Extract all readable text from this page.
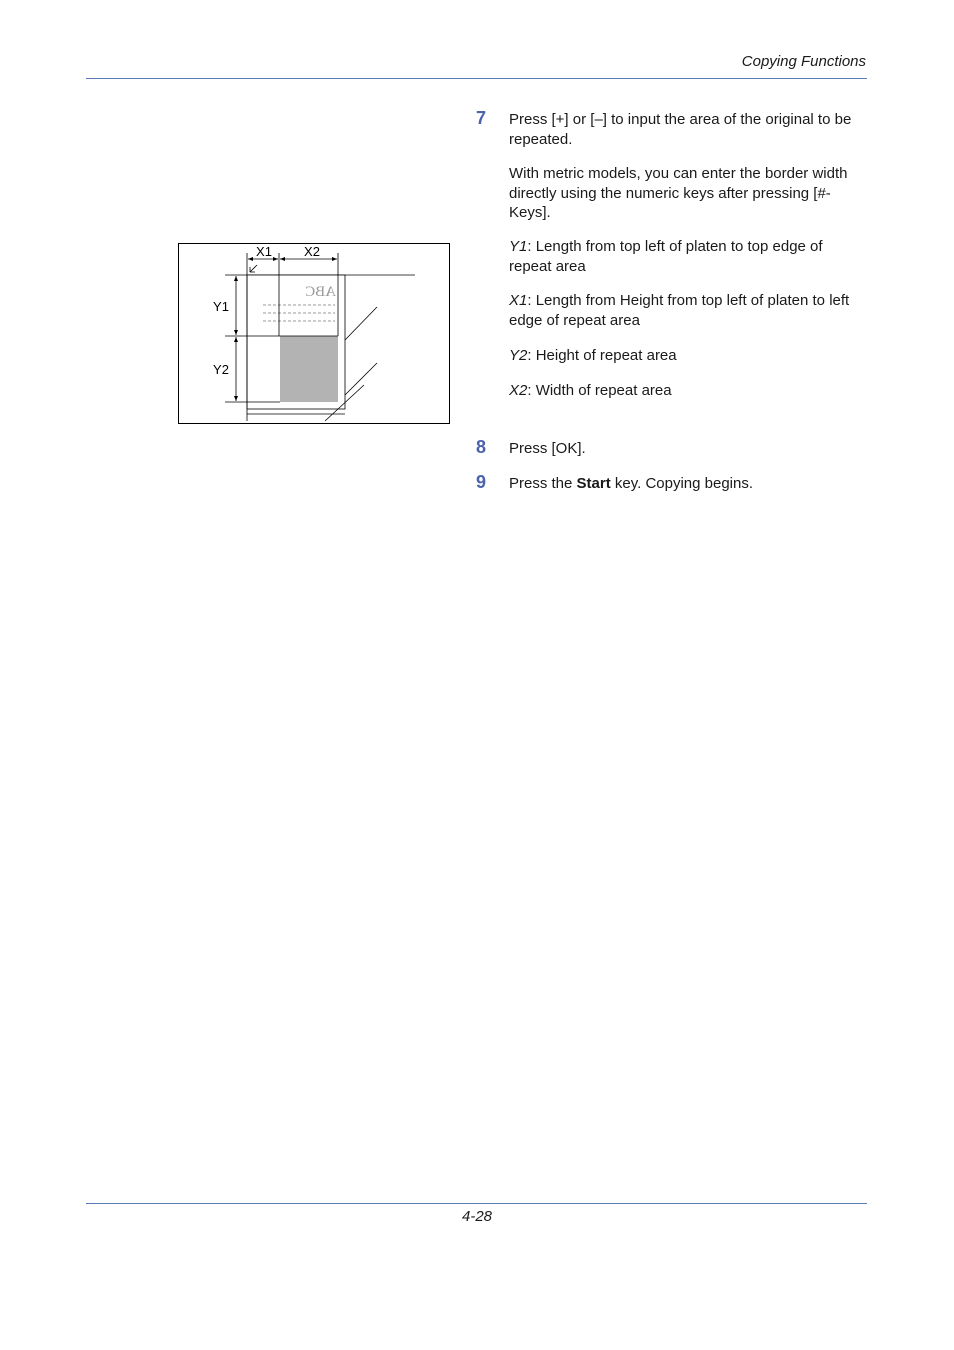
Copying Functions
ABC
X1 X2
Y1
Y2
7 Press [+] or [–] to input the area of the original to be repeated.

With metric models, you can enter the border width directly using the numeric keys after pressing [#-Keys].

Y1: Length from top left of platen to top edge of repeat area

X1: Length from Height from top left of platen to left edge of repeat area

Y2: Height of repeat area

X2: Width of repeat area

8 Press [OK].

9 Press the Start key. Copying begins.

4-28
